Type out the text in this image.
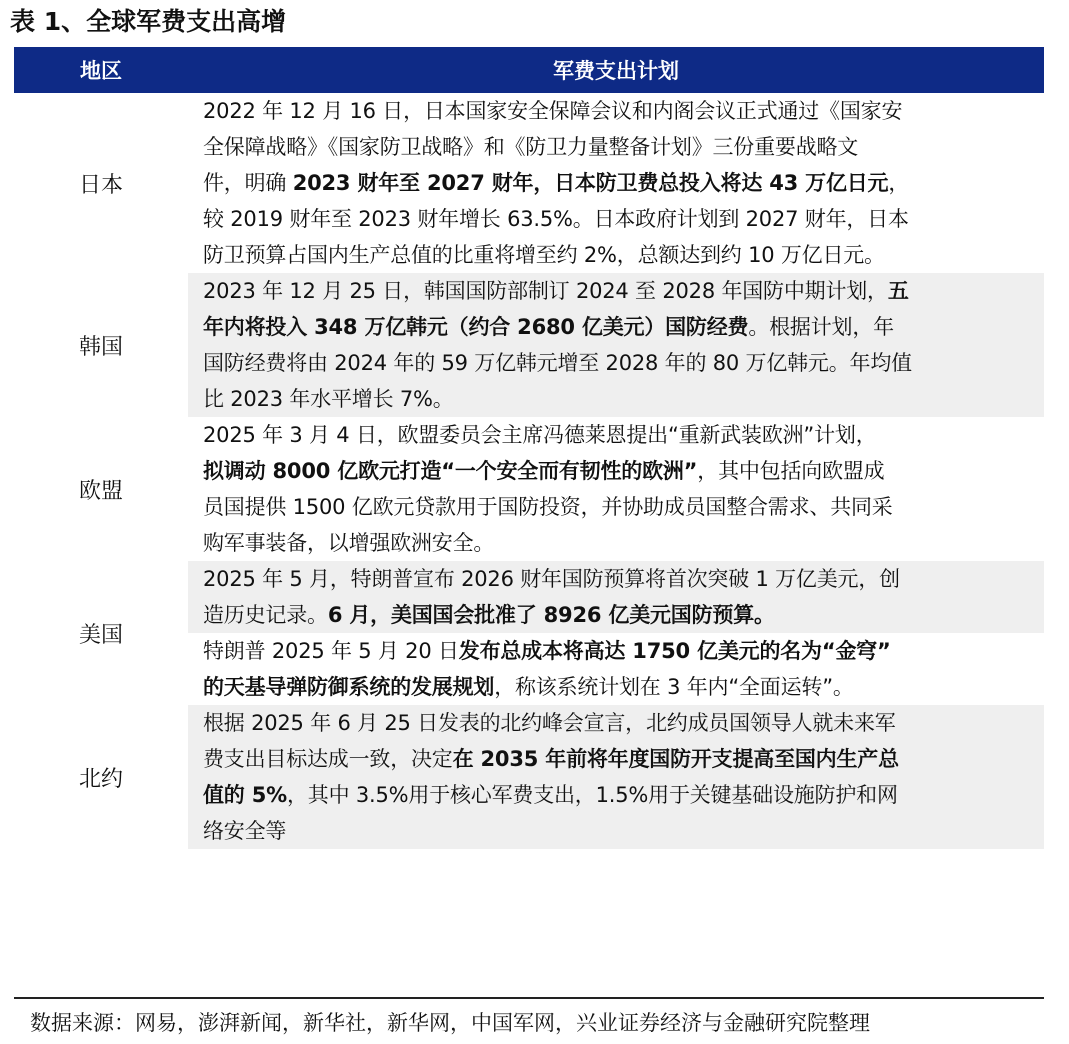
表 1、全球军费支出高增
地区	军费支出计划
日本
2022 年 12 月 16 日，日本国家安全保障会议和内阁会议正式通过《国家安
全保障战略》《国家防卫战略》和《防卫力量整备计划》三份重要战略文
件，明确 2023 财年至 2027 财年，日本防卫费总投入将达 43 万亿日元，
较 2019 财年至 2023 财年增长 63.5%。日本政府计划到 2027 财年，日本
防卫预算占国内生产总值的比重将增至约 2%，总额达到约 10 万亿日元。
韩国
2023 年 12 月 25 日，韩国国防部制订 2024 至 2028 年国防中期计划，五
年内将投入 348 万亿韩元（约合 2680 亿美元）国防经费。根据计划，年
国防经费将由 2024 年的 59 万亿韩元增至 2028 年的 80 万亿韩元。年均值
比 2023 年水平增长 7%。
欧盟
2025 年 3 月 4 日，欧盟委员会主席冯德莱恩提出“重新武装欧洲”计划，
拟调动 8000 亿欧元打造“一个安全而有韧性的欧洲”，其中包括向欧盟成
员国提供 1500 亿欧元贷款用于国防投资，并协助成员国整合需求、共同采
购军事装备，以增强欧洲安全。
美国
2025 年 5 月，特朗普宣布 2026 财年国防预算将首次突破 1 万亿美元，创
造历史记录。6 月，美国国会批准了 8926 亿美元国防预算。
特朗普 2025 年 5 月 20 日发布总成本将高达 1750 亿美元的名为“金穹”
的天基导弹防御系统的发展规划，称该系统计划在 3 年内“全面运转”。
北约
根据 2025 年 6 月 25 日发表的北约峰会宣言，北约成员国领导人就未来军
费支出目标达成一致，决定在 2035 年前将年度国防开支提高至国内生产总
值的 5%，其中 3.5%用于核心军费支出，1.5%用于关键基础设施防护和网
络安全等
数据来源：网易，澎湃新闻，新华社，新华网，中国军网，兴业证券经济与金融研究院整理
